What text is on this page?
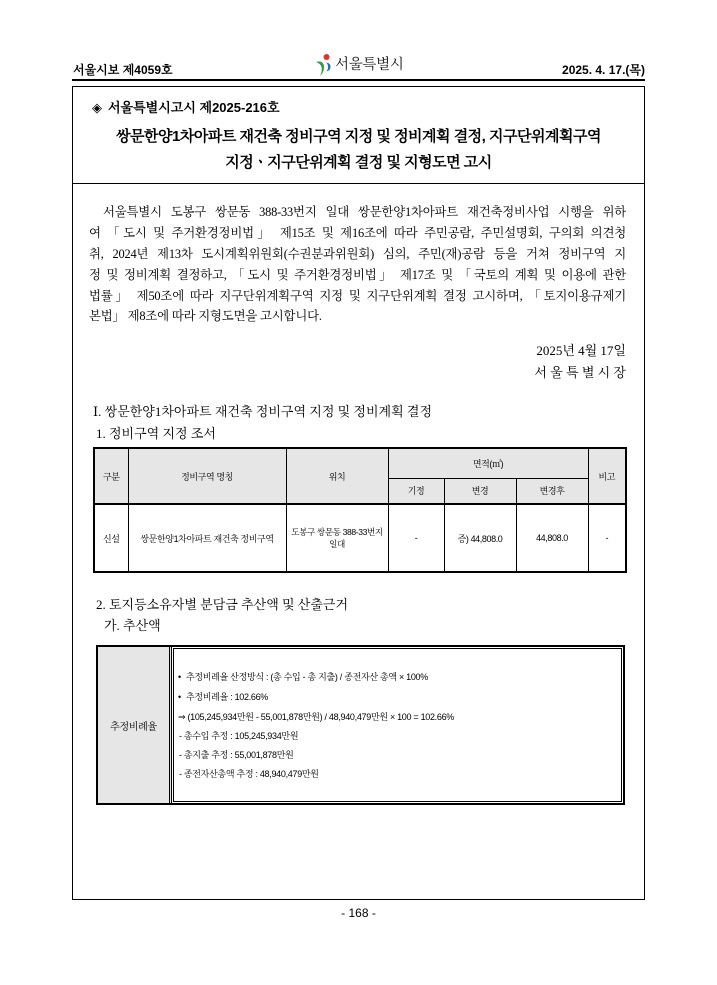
서울시보 제4059호	서울특별시	2025. 4. 17.(목)
◈ 서울특별시고시 제2025-216호
쌍문한양1차아파트 재건축 정비구역 지정 및 정비계획 결정, 지구단위계획구역
지정ㆍ지구단위계획 결정 및 지형도면 고시
서울특별시 도봉구 쌍문동 388-33번지 일대 쌍문한양1차아파트 재건축정비사업 시행을 위하
여 「도시 및 주거환경정비법」 제15조 및 제16조에 따라 주민공람, 주민설명회, 구의회 의견청
취, 2024년 제13차 도시계획위원회(수권분과위원회) 심의, 주민(재)공람 등을 거쳐 정비구역 지
정 및 정비계획 결정하고, 「도시 및 주거환경정비법」 제17조 및 「국토의 계획 및 이용에 관한
법률」 제50조에 따라 지구단위계획구역 지정 및 지구단위계획 결정 고시하며, 「토지이용규제기
본법」 제8조에 따라 지형도면을 고시합니다.
2025년 4월 17일
서 울 특 별 시 장
Ⅰ. 쌍문한양1차아파트 재건축 정비구역 지정 및 정비계획 결정
1. 정비구역 지정 조서
구분	정비구역 명칭	위치	면적(㎡)			비고
			기정	변경	변경후	
신설	쌍문한양1차아파트 재건축 정비구역	도봉구 쌍문동 388-33번지
일대	-	증) 44,808.0	44,808.0	-
2. 토지등소유자별 분담금 추산액 및 산출근거
가. 추산액
추정비례율
• 추정비례율 산정방식 : (총 수입 - 총 지출) / 종전자산 총액 × 100%
• 추정비례율 : 102.66%
⇒ (105,245,934만원 - 55,001,878만원) / 48,940,479만원 × 100 = 102.66%
- 총수입 추정 : 105,245,934만원
- 총지출 추정 : 55,001,878만원
- 종전자산총액 추정 : 48,940,479만원
- 168 -
